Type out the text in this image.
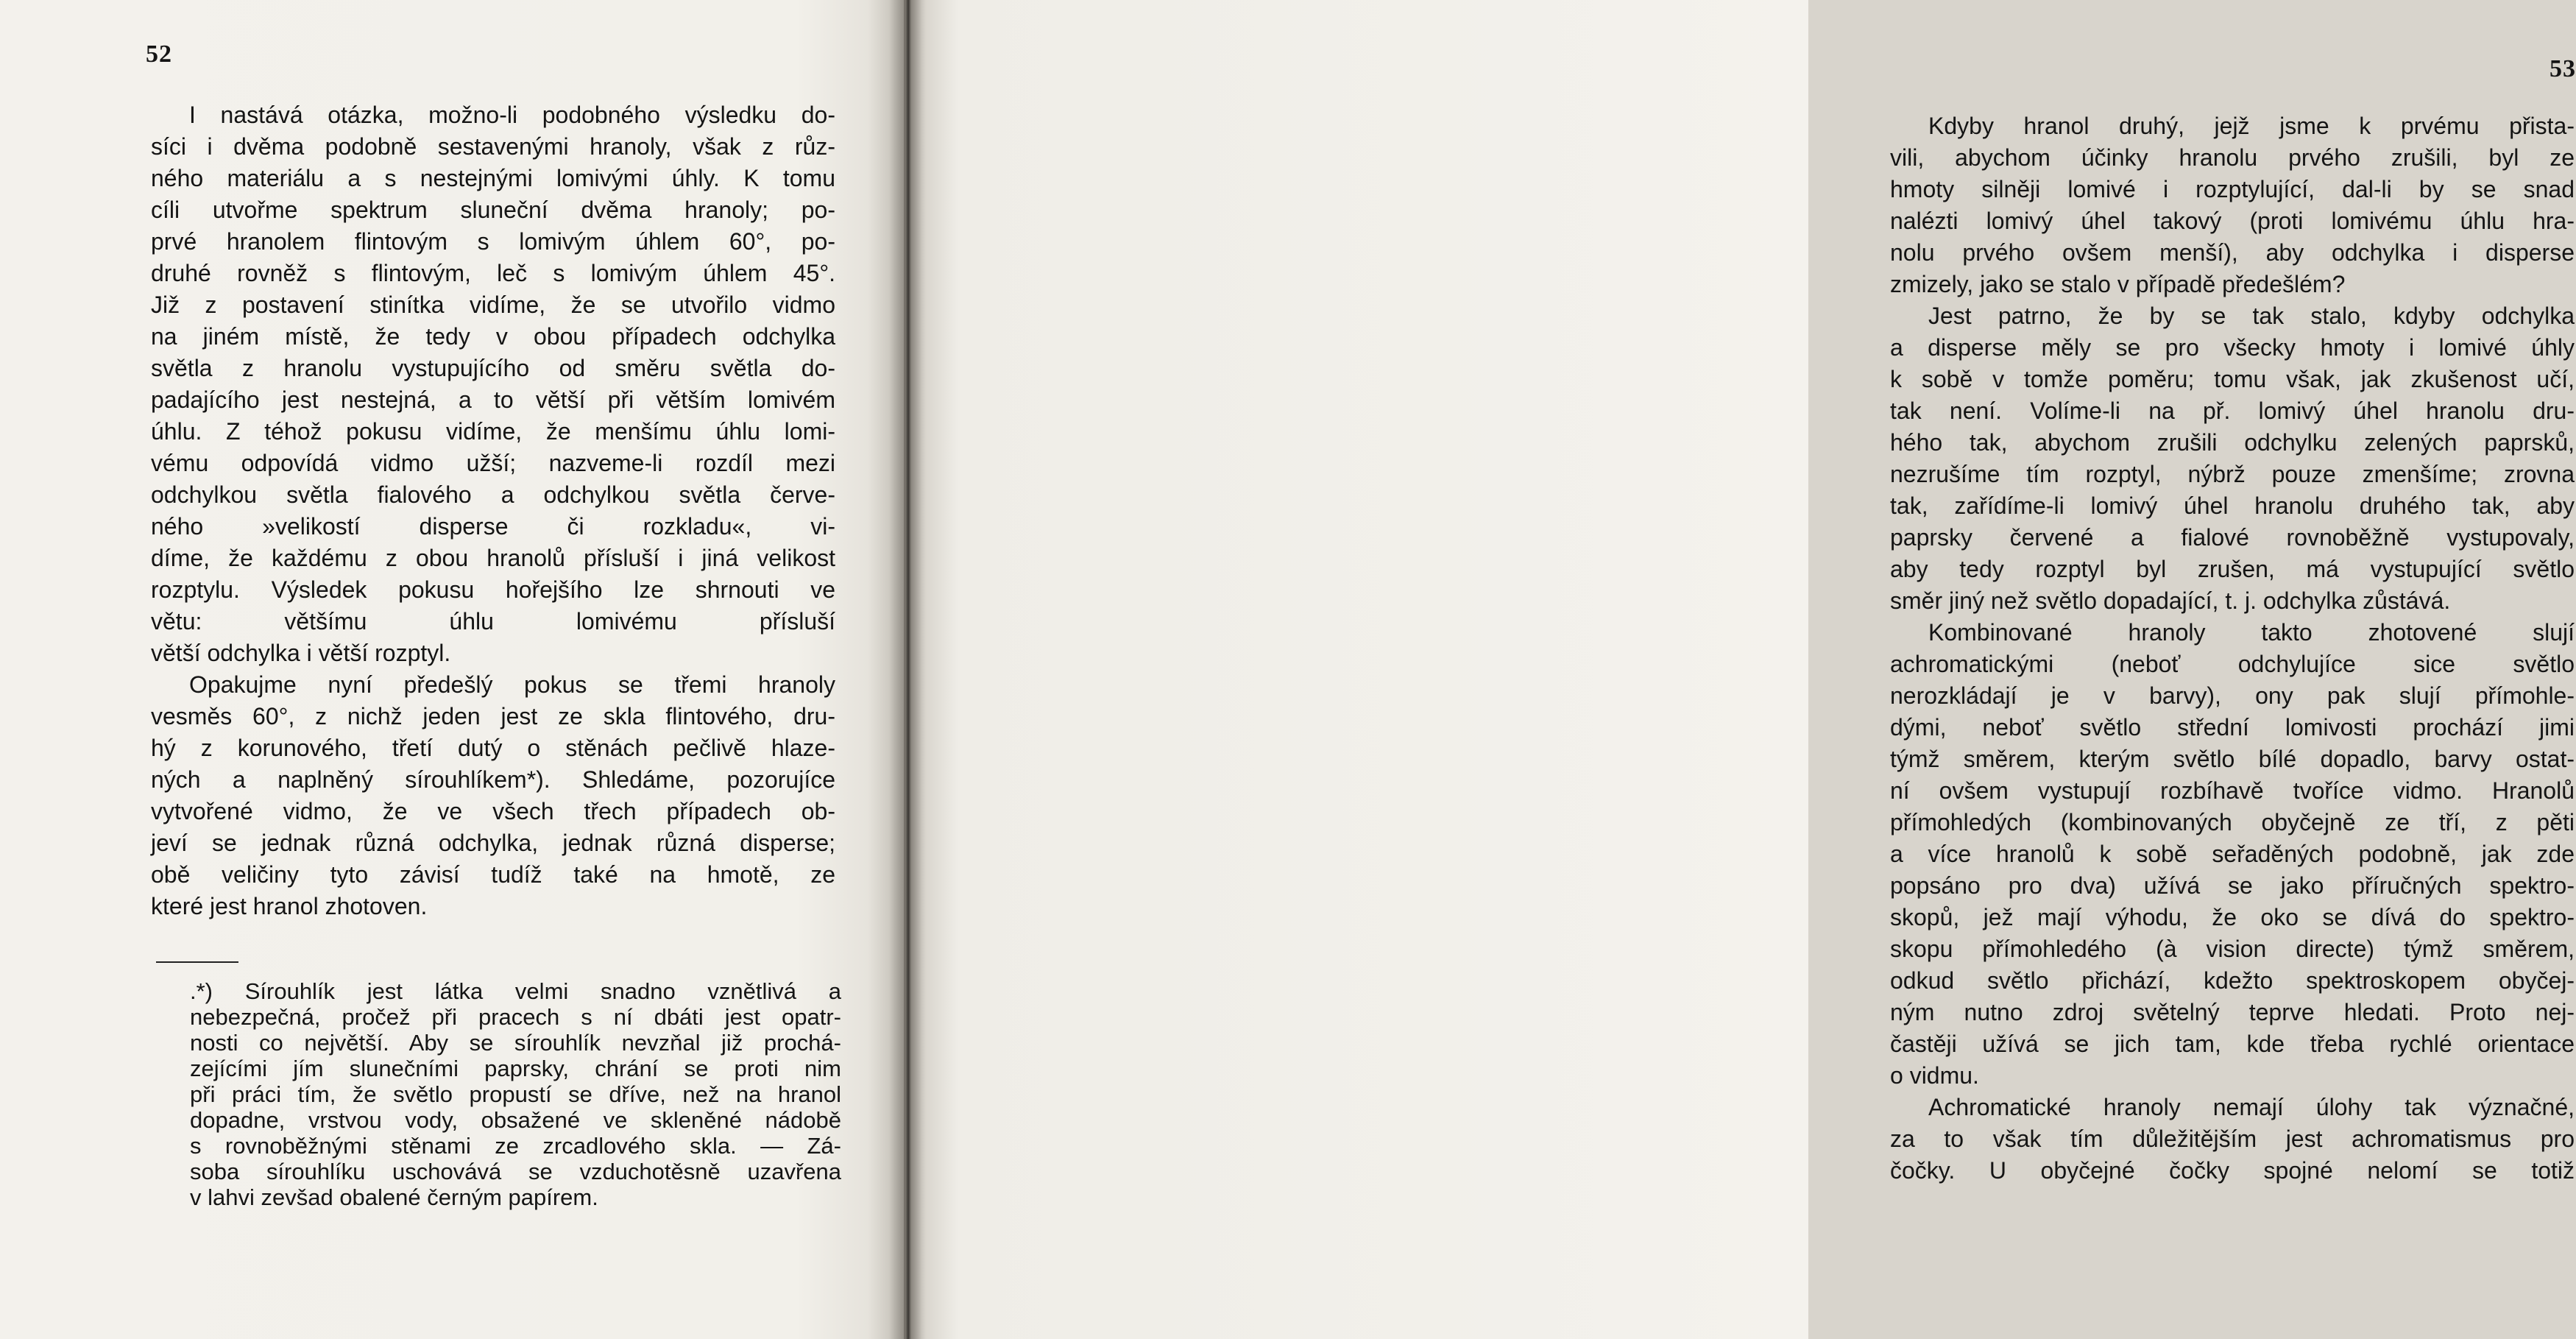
52
I nastává otázka, možno-li podobného výsledku do-
síci i dvěma podobně sestavenými hranoly, však z růz-
ného materiálu a s nestejnými lomivými úhly. K tomu
cíli utvořme spektrum sluneční dvěma hranoly; po-
prvé hranolem flintovým s lomivým úhlem 60°, po-
druhé rovněž s flintovým, leč s lomivým úhlem 45°.
Již z postavení stinítka vidíme, že se utvořilo vidmo
na jiném místě, že tedy v obou případech odchylka
světla z hranolu vystupujícího od směru světla do-
padajícího jest nestejná, a to větší při větším lomivém
úhlu. Z téhož pokusu vidíme, že menšímu úhlu lomi-
vému odpovídá vidmo užší; nazveme-li rozdíl mezi
odchylkou světla fialového a odchylkou světla červe-
ného »velikostí disperse či rozkladu«, vi-
díme, že každému z obou hranolů přísluší i jiná velikost
rozptylu. Výsledek pokusu hořejšího lze shrnouti ve
větu: většímu úhlu lomivému přísluší
větší odchylka i větší rozptyl.
Opakujme nyní předešlý pokus se třemi hranoly
vesměs 60°, z nichž jeden jest ze skla flintového, dru-
hý z korunového, třetí dutý o stěnách pečlivě hlaze-
ných a naplněný sírouhlíkem*). Shledáme, pozorujíce
vytvořené vidmo, že ve všech třech případech ob-
jeví se jednak různá odchylka, jednak různá disperse;
obě veličiny tyto závisí tudíž také na hmotě, ze
které jest hranol zhotoven.
.*) Sírouhlík jest látka velmi snadno vznětlivá a
nebezpečná, pročež při pracech s ní dbáti jest opatr-
nosti co největší. Aby se sírouhlík nevzňal již prochá-
zejícími jím slunečními paprsky, chrání se proti nim
při práci tím, že světlo propustí se dříve, než na hranol
dopadne, vrstvou vody, obsažené ve skleněné nádobě
s rovnoběžnými stěnami ze zrcadlového skla. — Zá-
soba sírouhlíku uschovává se vzduchotěsně uzavřena
v lahvi zevšad obalené černým papírem.
53
Kdyby hranol druhý, jejž jsme k prvému přista-
vili, abychom účinky hranolu prvého zrušili, byl ze
hmoty silněji lomivé i rozptylující, dal-li by se snad
nalézti lomivý úhel takový (proti lomivému úhlu hra-
nolu prvého ovšem menší), aby odchylka i disperse
zmizely, jako se stalo v případě předešlém?
Jest patrno, že by se tak stalo, kdyby odchylka
a disperse měly se pro všecky hmoty i lomivé úhly
k sobě v tomže poměru; tomu však, jak zkušenost učí,
tak není. Volíme-li na př. lomivý úhel hranolu dru-
hého tak, abychom zrušili odchylku zelených paprsků,
nezrušíme tím rozptyl, nýbrž pouze zmenšíme; zrovna
tak, zařídíme-li lomivý úhel hranolu druhého tak, aby
paprsky červené a fialové rovnoběžně vystupovaly,
aby tedy rozptyl byl zrušen, má vystupující světlo
směr jiný než světlo dopadající, t. j. odchylka zůstává.
Kombinované hranoly takto zhotovené slují
achromatickými (neboť odchylujíce sice světlo
nerozkládají je v barvy), ony pak slují přímohle-
dými, neboť světlo střední lomivosti prochází jimi
týmž směrem, kterým světlo bílé dopadlo, barvy ostat-
ní ovšem vystupují rozbíhavě tvoříce vidmo. Hranolů
přímohledých (kombinovaných obyčejně ze tří, z pěti
a více hranolů k sobě seřaděných podobně, jak zde
popsáno pro dva) užívá se jako příručných spektro-
skopů, jež mají výhodu, že oko se dívá do spektro-
skopu přímohledého (à vision directe) týmž směrem,
odkud světlo přichází, kdežto spektroskopem obyčej-
ným nutno zdroj světelný teprve hledati. Proto nej-
častěji užívá se jich tam, kde třeba rychlé orientace
o vidmu.
Achromatické hranoly nemají úlohy tak význačné,
za to však tím důležitějším jest achromatismus pro
čočky. U obyčejné čočky spojné nelomí se totiž
